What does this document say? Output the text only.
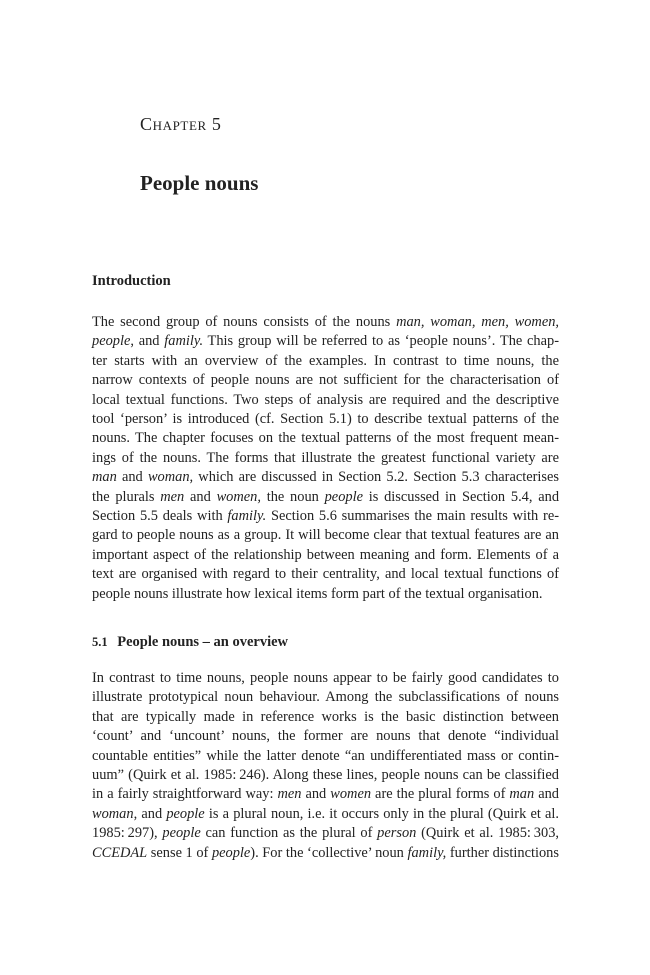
Chapter 5

People nouns
Introduction
The second group of nouns consists of the nouns man, woman, men, women,
people, and family. This group will be referred to as ‘people nouns’. The chap-
ter starts with an overview of the examples. In contrast to time nouns, the
narrow contexts of people nouns are not sufficient for the characterisation of
local textual functions. Two steps of analysis are required and the descriptive
tool ‘person’ is introduced (cf. Section 5.1) to describe textual patterns of the
nouns. The chapter focuses on the textual patterns of the most frequent mean-
ings of the nouns. The forms that illustrate the greatest functional variety are
man and woman, which are discussed in Section 5.2. Section 5.3 characterises
the plurals men and women, the noun people is discussed in Section 5.4, and
Section 5.5 deals with family. Section 5.6 summarises the main results with re-
gard to people nouns as a group. It will become clear that textual features are an
important aspect of the relationship between meaning and form. Elements of a
text are organised with regard to their centrality, and local textual functions of
people nouns illustrate how lexical items form part of the textual organisation.
5.1 People nouns – an overview
In contrast to time nouns, people nouns appear to be fairly good candidates to
illustrate prototypical noun behaviour. Among the subclassifications of nouns
that are typically made in reference works is the basic distinction between
‘count’ and ‘uncount’ nouns, the former are nouns that denote “individual
countable entities” while the latter denote “an undifferentiated mass or contin-
uum” (Quirk et al. 1985: 246). Along these lines, people nouns can be classified
in a fairly straightforward way: men and women are the plural forms of man and
woman, and people is a plural noun, i.e. it occurs only in the plural (Quirk et al.
1985: 297), people can function as the plural of person (Quirk et al. 1985: 303,
CCEDAL sense 1 of people). For the ‘collective’ noun family, further distinctions
